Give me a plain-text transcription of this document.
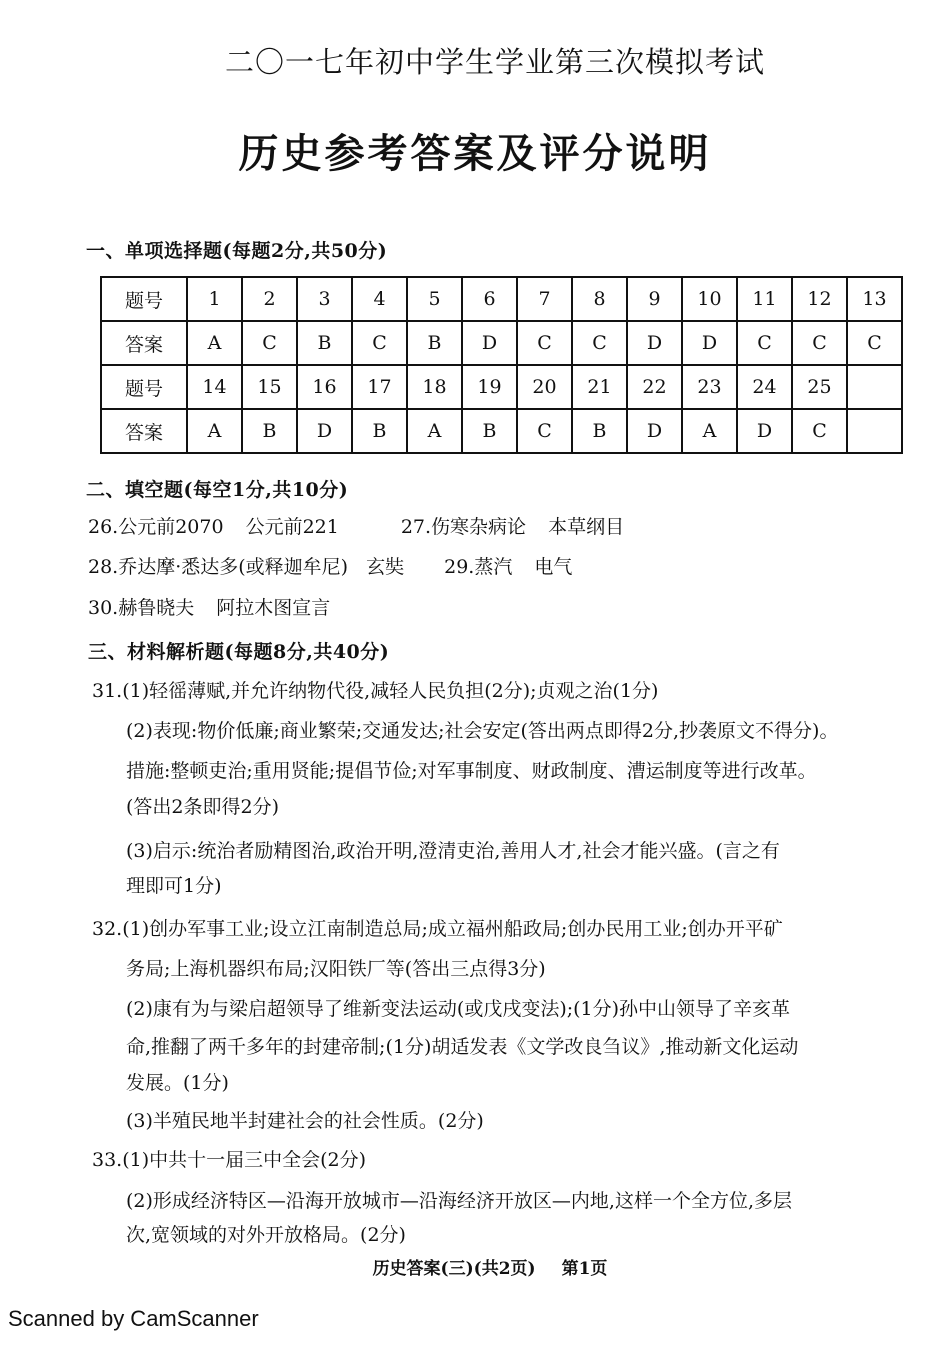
二〇一七年初中学生学业第三次模拟考试
历史参考答案及评分说明
一、单项选择题(每题2分,共50分)
题号	1	2	3	4	5	6	7	8	9	10	11	12	13
答案	A	C	B	C	B	D	C	C	D	D	C	C	C
题号	14	15	16	17	18	19	20	21	22	23	24	25	
答案	A	B	D	B	A	B	C	B	D	A	D	C	
二、填空题(每空1分,共10分)
26.公元前2070 公元前221	27.伤寒杂病论 本草纲目
28.乔达摩·悉达多(或释迦牟尼) 玄奘 29.蒸汽 电气
30.赫鲁晓夫 阿拉木图宣言
三、材料解析题(每题8分,共40分)
31.(1)轻徭薄赋,并允许纳物代役,减轻人民负担(2分);贞观之治(1分)
(2)表现:物价低廉;商业繁荣;交通发达;社会安定(答出两点即得2分,抄袭原文不得分)。
措施:整顿吏治;重用贤能;提倡节俭;对军事制度、财政制度、漕运制度等进行改革。
(答出2条即得2分)
(3)启示:统治者励精图治,政治开明,澄清吏治,善用人才,社会才能兴盛。(言之有
理即可1分)
32.(1)创办军事工业;设立江南制造总局;成立福州船政局;创办民用工业;创办开平矿
务局;上海机器织布局;汉阳铁厂等(答出三点得3分)
(2)康有为与梁启超领导了维新变法运动(或戊戌变法);(1分)孙中山领导了辛亥革
命,推翻了两千多年的封建帝制;(1分)胡适发表《文学改良刍议》,推动新文化运动
发展。(1分)
(3)半殖民地半封建社会的社会性质。(2分)
33.(1)中共十一届三中全会(2分)
(2)形成经济特区—沿海开放城市—沿海经济开放区—内地,这样一个全方位,多层
次,宽领域的对外开放格局。(2分)
历史答案(三)(共2页) 第1页
Scanned by CamScanner
